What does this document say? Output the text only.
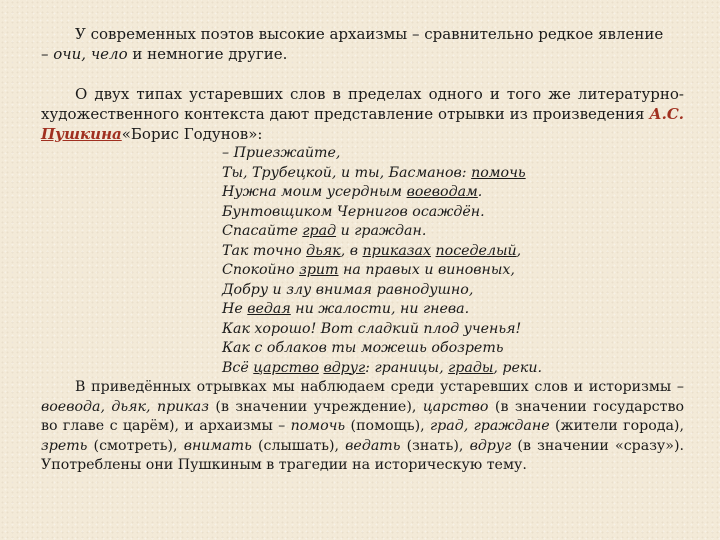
У современных поэтов высокие архаизмы – сравнительно редкое явление
– очи, чело и немногие другие.

О двух типах устаревших слов в пределах одного и того же литературно-художественного контекста дают представление отрывки из произведения А.С. Пушкина«Борис Годунов»:

– Приезжайте,
Ты, Трубецкой, и ты, Басманов: помочь
Нужна моим усердным воеводам.
Бунтовщиком Чернигов осаждён.
Спасайте град и граждан.
Так точно дьяк, в приказах поседелый,
Спокойно зрит на правых и виновных,
Добру и злу внимая равнодушно,
Не ведая ни жалости, ни гнева.
Как хорошо! Вот сладкий плод ученья!
Как с облаков ты можешь обозреть
Всё царство вдруг: границы, грады, реки.

В приведённых отрывках мы наблюдаем среди устаревших слов и историзмы – воевода, дьяк, приказ (в значении учреждение), царство (в значении государство во главе с царём), и архаизмы – помочь (помощь), град, граждане (жители города), зреть (смотреть), внимать (слышать), ведать (знать), вдруг (в значении «сразу»). Употреблены они Пушкиным в трагедии на историческую тему.
